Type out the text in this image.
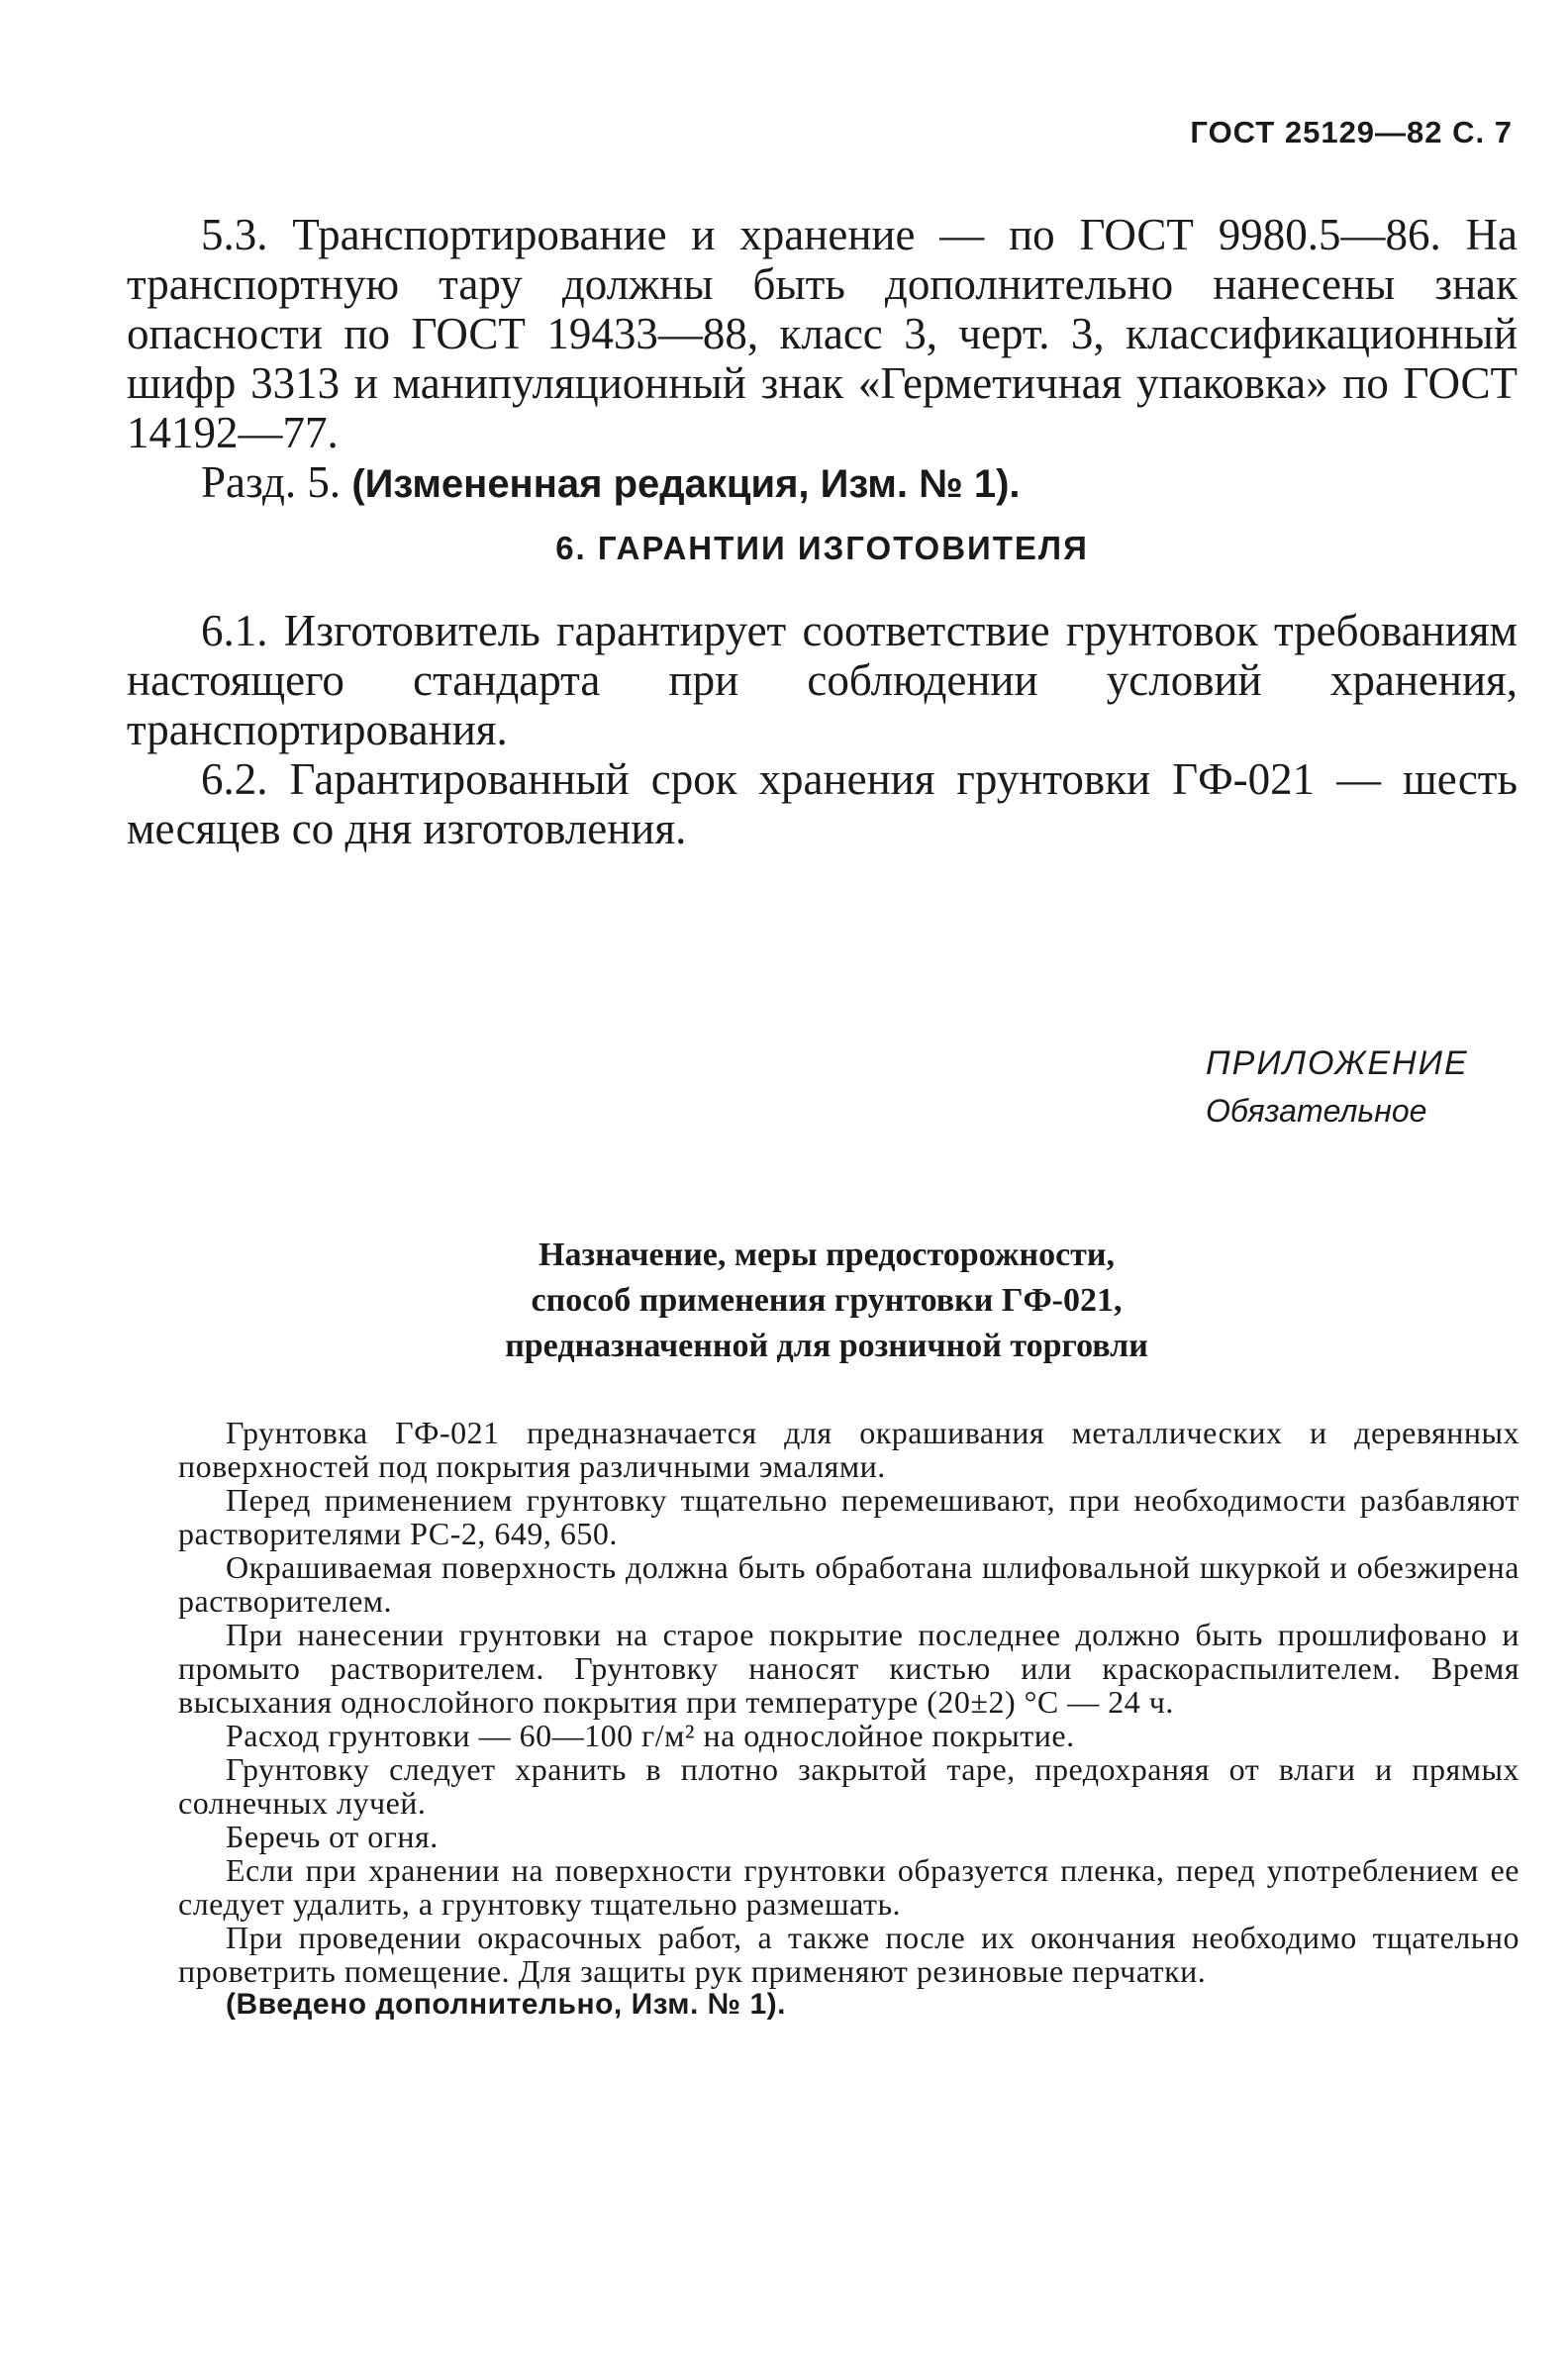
ГОСТ 25129—82 С. 7

5.3. Транспортирование и хранение — по ГОСТ 9980.5—86. На транспортную тару должны быть дополнительно нанесены знак опасности по ГОСТ 19433—88, класс 3, черт. 3, классификационный шифр 3313 и манипуляционный знак «Герметичная упаковка» по ГОСТ 14192—77.

Разд. 5. (Измененная редакция, Изм. № 1).

6. ГАРАНТИИ ИЗГОТОВИТЕЛЯ

6.1. Изготовитель гарантирует соответствие грунтовок требованиям настоящего стандарта при соблюдении условий хранения, транспортирования.

6.2. Гарантированный срок хранения грунтовки ГФ-021 — шесть месяцев со дня изготовления.

ПРИЛОЖЕНИЕ
Обязательное
Назначение, меры предосторожности,
способ применения грунтовки ГФ-021,
предназначенной для розничной торговли

Грунтовка ГФ-021 предназначается для окрашивания металлических и деревянных поверхностей под покрытия различными эмалями.

Перед применением грунтовку тщательно перемешивают, при необходимости разбавляют растворителями РС-2, 649, 650.

Окрашиваемая поверхность должна быть обработана шлифовальной шкуркой и обезжирена растворителем.

При нанесении грунтовки на старое покрытие последнее должно быть прошлифовано и промыто растворителем. Грунтовку наносят кистью или краскораспылителем. Время высыхания однослойного покрытия при температуре (20±2) °С — 24 ч.

Расход грунтовки — 60—100 г/м² на однослойное покрытие.

Грунтовку следует хранить в плотно закрытой таре, предохраняя от влаги и прямых солнечных лучей.

Беречь от огня.

Если при хранении на поверхности грунтовки образуется пленка, перед употреблением ее следует удалить, а грунтовку тщательно размешать.

При проведении окрасочных работ, а также после их окончания необходимо тщательно проветрить помещение. Для защиты рук применяют резиновые перчатки.

(Введено дополнительно, Изм. № 1).
